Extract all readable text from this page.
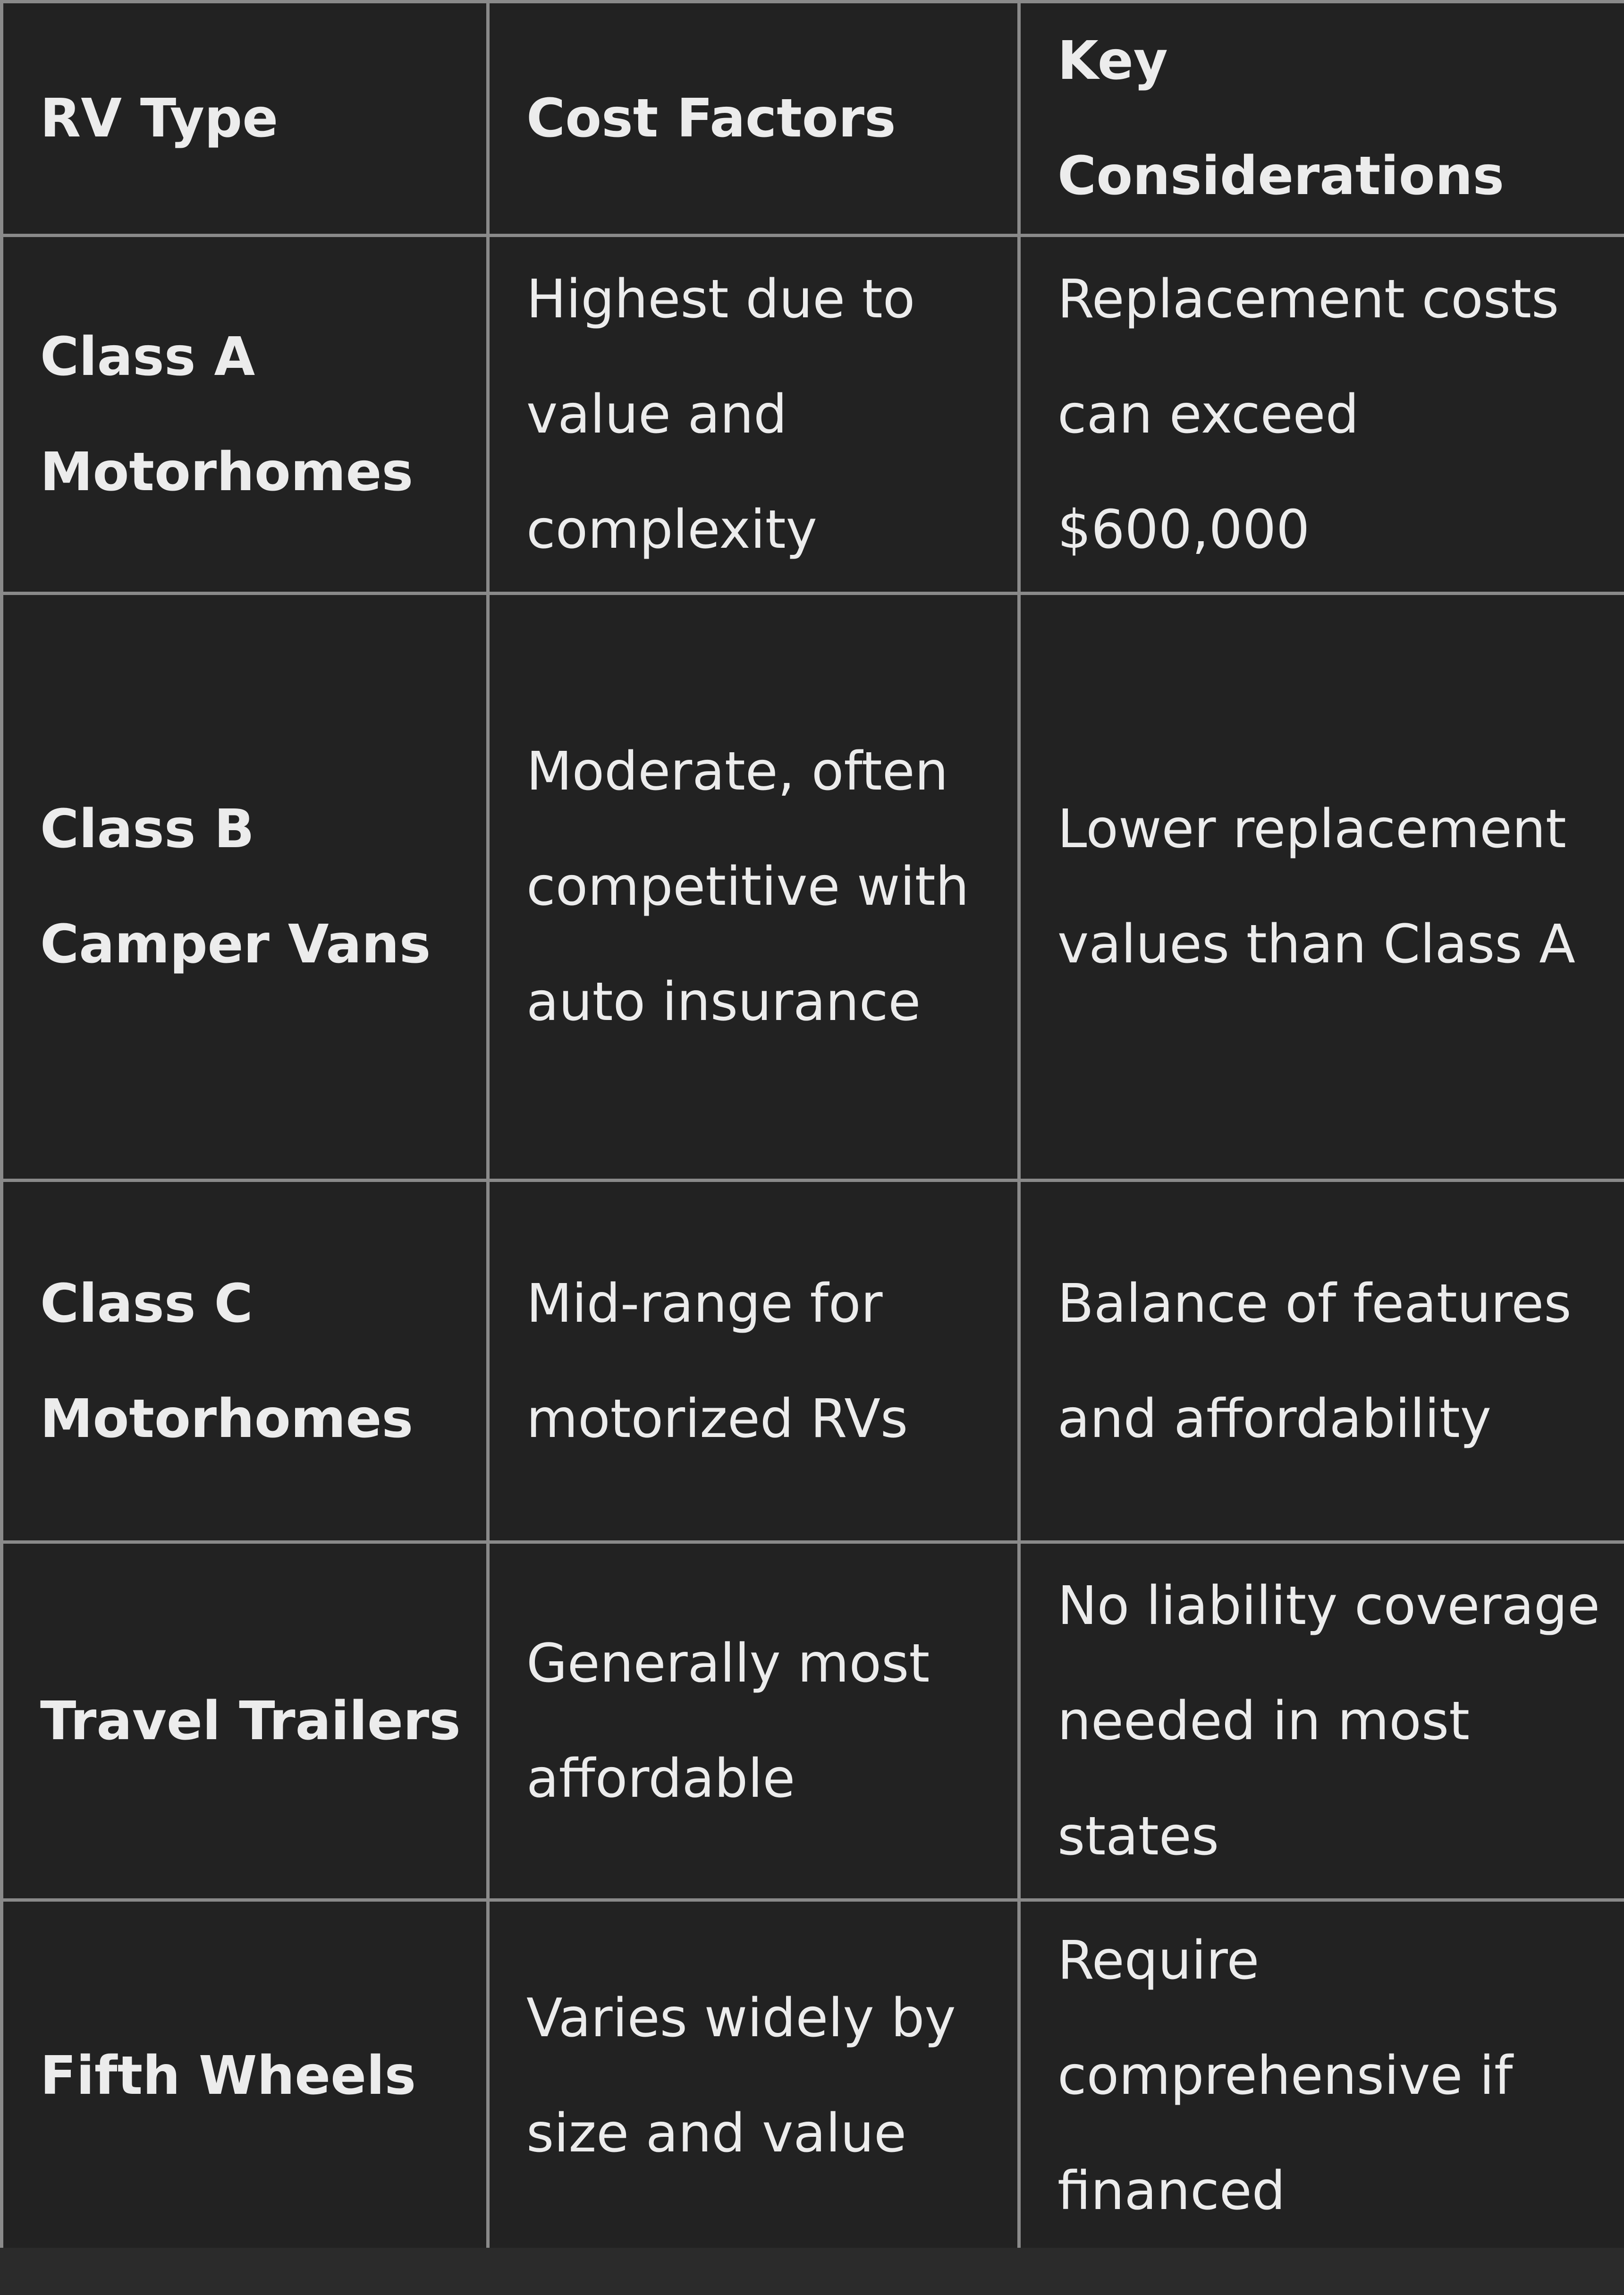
RV Type	Cost Factors	Key Considerations
Class A Motorhomes	Highest due to value and complexity	Replacement costs can exceed $600,000
Class B Camper Vans	Moderate, often competitive with auto insurance	Lower replacement values than Class A
Class C Motorhomes	Mid-range for motorized RVs	Balance of features and affordability
Travel Trailers	Generally most affordable	No liability coverage needed in most states
Fifth Wheels	Varies widely by size and value	Require comprehensive if financed
